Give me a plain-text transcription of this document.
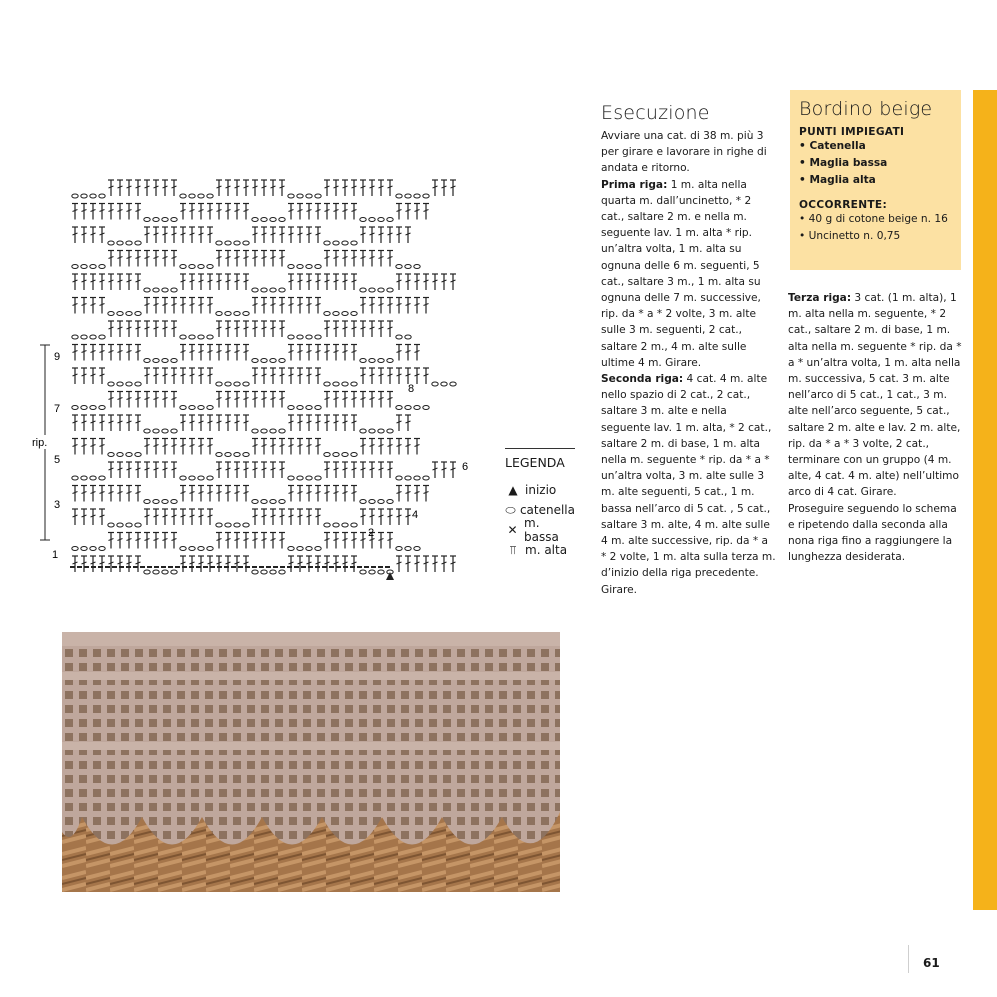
rip.
9
7
5
3
1
8
6
4
2
LEGENDA
▲ inizio
⬭ catenella
✕ m. bassa
⫪ m. alta
Esecuzione

Avviare una cat. di 38 m. più 3 per girare e lavorare in righe di andata e ritorno.

Prima riga: 1 m. alta nella quarta m. dall’uncinetto, * 2 cat., saltare 2 m. e nella m. seguente lav. 1 m. alta * rip. un’altra volta, 1 m. alta su ognuna delle 6 m. seguenti, 5 cat., saltare 3 m., 1 m. alta su ognuna delle 7 m. successive, rip. da * a * 2 volte, 3 m. alte sulle 3 m. seguenti, 2 cat., saltare 2 m., 4 m. alte sulle ultime 4 m. Girare.

Seconda riga: 4 cat. 4 m. alte nello spazio di 2 cat., 2 cat., saltare 3 m. alte e nella seguente lav. 1 m. alta, * 2 cat., saltare 2 m. di base, 1 m. alta nella m. seguente * rip. da * a * un’altra volta, 3 m. alte sulle 3 m. alte seguenti, 5 cat., 1 m. bassa nell’arco di 5 cat. , 5 cat., saltare 3 m. alte, 4 m. alte sulle 4 m. alte successive, rip. da * a * 2 volte, 1 m. alta sulla terza m. d’inizio della riga precedente. Girare.

Bordino beige
PUNTI IMPIEGATI
• Catenella
• Maglia bassa
• Maglia alta
OCCORRENTE:
• 40 g di cotone beige n. 16
• Uncinetto n. 0,75

Terza riga: 3 cat. (1 m. alta), 1 m. alta nella m. seguente, * 2 cat., saltare 2 m. di base, 1 m. alta nella m. seguente * rip. da * a * un’altra volta, 1 m. alta nella m. successiva, 5 cat. 3 m. alte nell’arco di 5 cat., 1 cat., 3 m. alte nell’arco seguente, 5 cat., saltare 2 m. alte e lav. 2 m. alte, rip. da * a * 3 volte, 2 cat., terminare con un gruppo (4 m. alte, 4 cat. 4 m. alte) nell’ultimo arco di 4 cat. Girare.

Proseguire seguendo lo schema e ripetendo dalla seconda alla nona riga fino a raggiungere la lunghezza desiderata.

61
